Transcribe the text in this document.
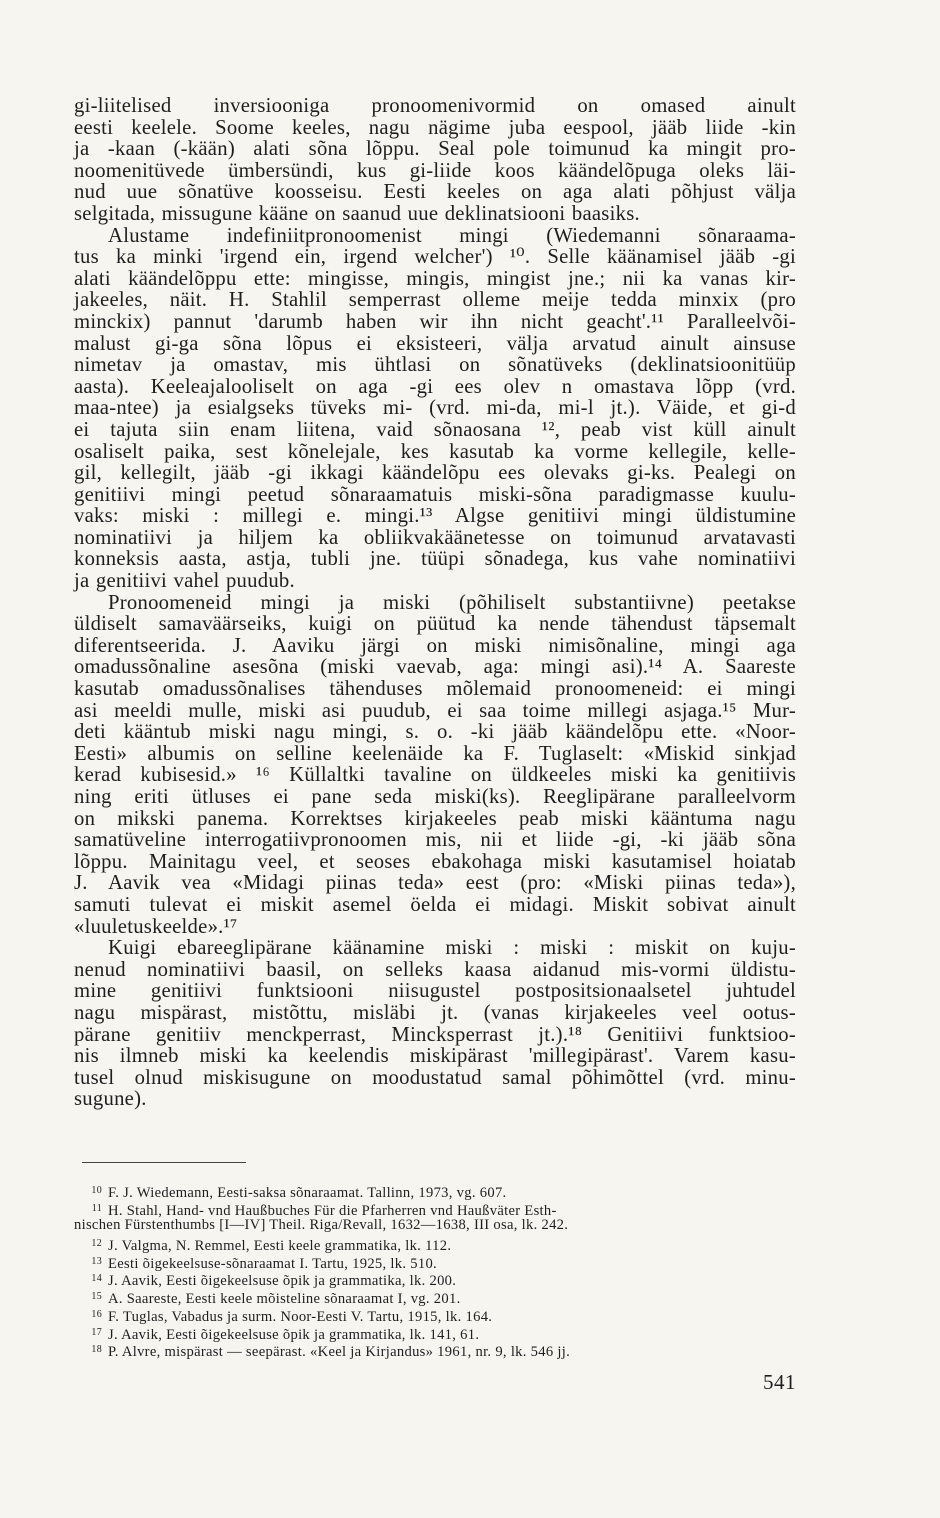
gi-liitelised inversiooniga pronoomenivormid on omased ainult
eesti keelele. Soome keeles, nagu nägime juba eespool, jääb liide -kin
ja -kaan (-kään) alati sõna lõppu. Seal pole toimunud ka mingit pro-
noomenitüvede ümbersündi, kus gi-liide koos käändelõpuga oleks läi-
nud uue sõnatüve koosseisu. Eesti keeles on aga alati põhjust välja
selgitada, missugune kääne on saanud uue deklinatsiooni baasiks.
Alustame indefiniitpronoomenist mingi (Wiedemanni sõnaraama-
tus ka minki 'irgend ein, irgend welcher') ¹⁰. Selle käänamisel jääb -gi
alati käändelõppu ette: mingisse, mingis, mingist jne.; nii ka vanas kir-
jakeeles, näit. H. Stahlil semperrast olleme meije tedda minxix (pro
minckix) pannut 'darumb haben wir ihn nicht geacht'.¹¹ Paralleelvõi-
malust gi-ga sõna lõpus ei eksisteeri, välja arvatud ainult ainsuse
nimetav ja omastav, mis ühtlasi on sõnatüveks (deklinatsioonitüüp
aasta). Keeleajalooliselt on aga -gi ees olev n omastava lõpp (vrd.
maa-ntee) ja esialgseks tüveks mi- (vrd. mi-da, mi-l jt.). Väide, et gi-d
ei tajuta siin enam liitena, vaid sõnaosana ¹², peab vist küll ainult
osaliselt paika, sest kõnelejale, kes kasutab ka vorme kellegile, kelle-
gil, kellegilt, jääb -gi ikkagi käändelõpu ees olevaks gi-ks. Pealegi on
genitiivi mingi peetud sõnaraamatuis miski-sõna paradigmasse kuulu-
vaks: miski : millegi e. mingi.¹³ Algse genitiivi mingi üldistumine
nominatiivi ja hiljem ka obliikvakäänetesse on toimunud arvatavasti
konneksis aasta, astja, tubli jne. tüüpi sõnadega, kus vahe nominatiivi
ja genitiivi vahel puudub.
Pronoomeneid mingi ja miski (põhiliselt substantiivne) peetakse
üldiselt samaväärseiks, kuigi on püütud ka nende tähendust täpsemalt
diferentseerida. J. Aaviku järgi on miski nimisõnaline, mingi aga
omadussõnaline asesõna (miski vaevab, aga: mingi asi).¹⁴ A. Saareste
kasutab omadussõnalises tähenduses mõlemaid pronoomeneid: ei mingi
asi meeldi mulle, miski asi puudub, ei saa toime millegi asjaga.¹⁵ Mur-
deti kääntub miski nagu mingi, s. o. -ki jääb käändelõpu ette. «Noor-
Eesti» albumis on selline keelenäide ka F. Tuglaselt: «Miskid sinkjad
kerad kubisesid.» ¹⁶ Küllaltki tavaline on üldkeeles miski ka genitiivis
ning eriti ütluses ei pane seda miski(ks). Reeglipärane paralleelvorm
on mikski panema. Korrektses kirjakeeles peab miski kääntuma nagu
samatüveline interrogatiivpronoomen mis, nii et liide -gi, -ki jääb sõna
lõppu. Mainitagu veel, et seoses ebakohaga miski kasutamisel hoiatab
J. Aavik vea «Midagi piinas teda» eest (pro: «Miski piinas teda»),
samuti tulevat ei miskit asemel öelda ei midagi. Miskit sobivat ainult
«luuletuskeelde».¹⁷
Kuigi ebareeglipärane käänamine miski : miski : miskit on kuju-
nenud nominatiivi baasil, on selleks kaasa aidanud mis-vormi üldistu-
mine genitiivi funktsiooni niisugustel postpositsionaalsetel juhtudel
nagu mispärast, mistõttu, misläbi jt. (vanas kirjakeeles veel ootus-
pärane genitiiv menckperrast, Mincksperrast jt.).¹⁸ Genitiivi funktsioo-
nis ilmneb miski ka keelendis miskipärast 'millegipärast'. Varem kasu-
tusel olnud miskisugune on moodustatud samal põhimõttel (vrd. minu-
sugune).
10 F. J. Wiedemann, Eesti-saksa sõnaraamat. Tallinn, 1973, vg. 607.
11 H. Stahl, Hand- vnd Haußbuches Für die Pfarherren vnd Haußväter Esth-
nischen Fürstenthumbs [I—IV] Theil. Riga/Revall, 1632—1638, III osa, lk. 242.
12 J. Valgma, N. Remmel, Eesti keele grammatika, lk. 112.
13 Eesti õigekeelsuse-sõnaraamat I. Tartu, 1925, lk. 510.
14 J. Aavik, Eesti õigekeelsuse õpik ja grammatika, lk. 200.
15 A. Saareste, Eesti keele mõisteline sõnaraamat I, vg. 201.
16 F. Tuglas, Vabadus ja surm. Noor-Eesti V. Tartu, 1915, lk. 164.
17 J. Aavik, Eesti õigekeelsuse õpik ja grammatika, lk. 141, 61.
18 P. Alvre, mispärast — seepärast. «Keel ja Kirjandus» 1961, nr. 9, lk. 546 jj.
541
